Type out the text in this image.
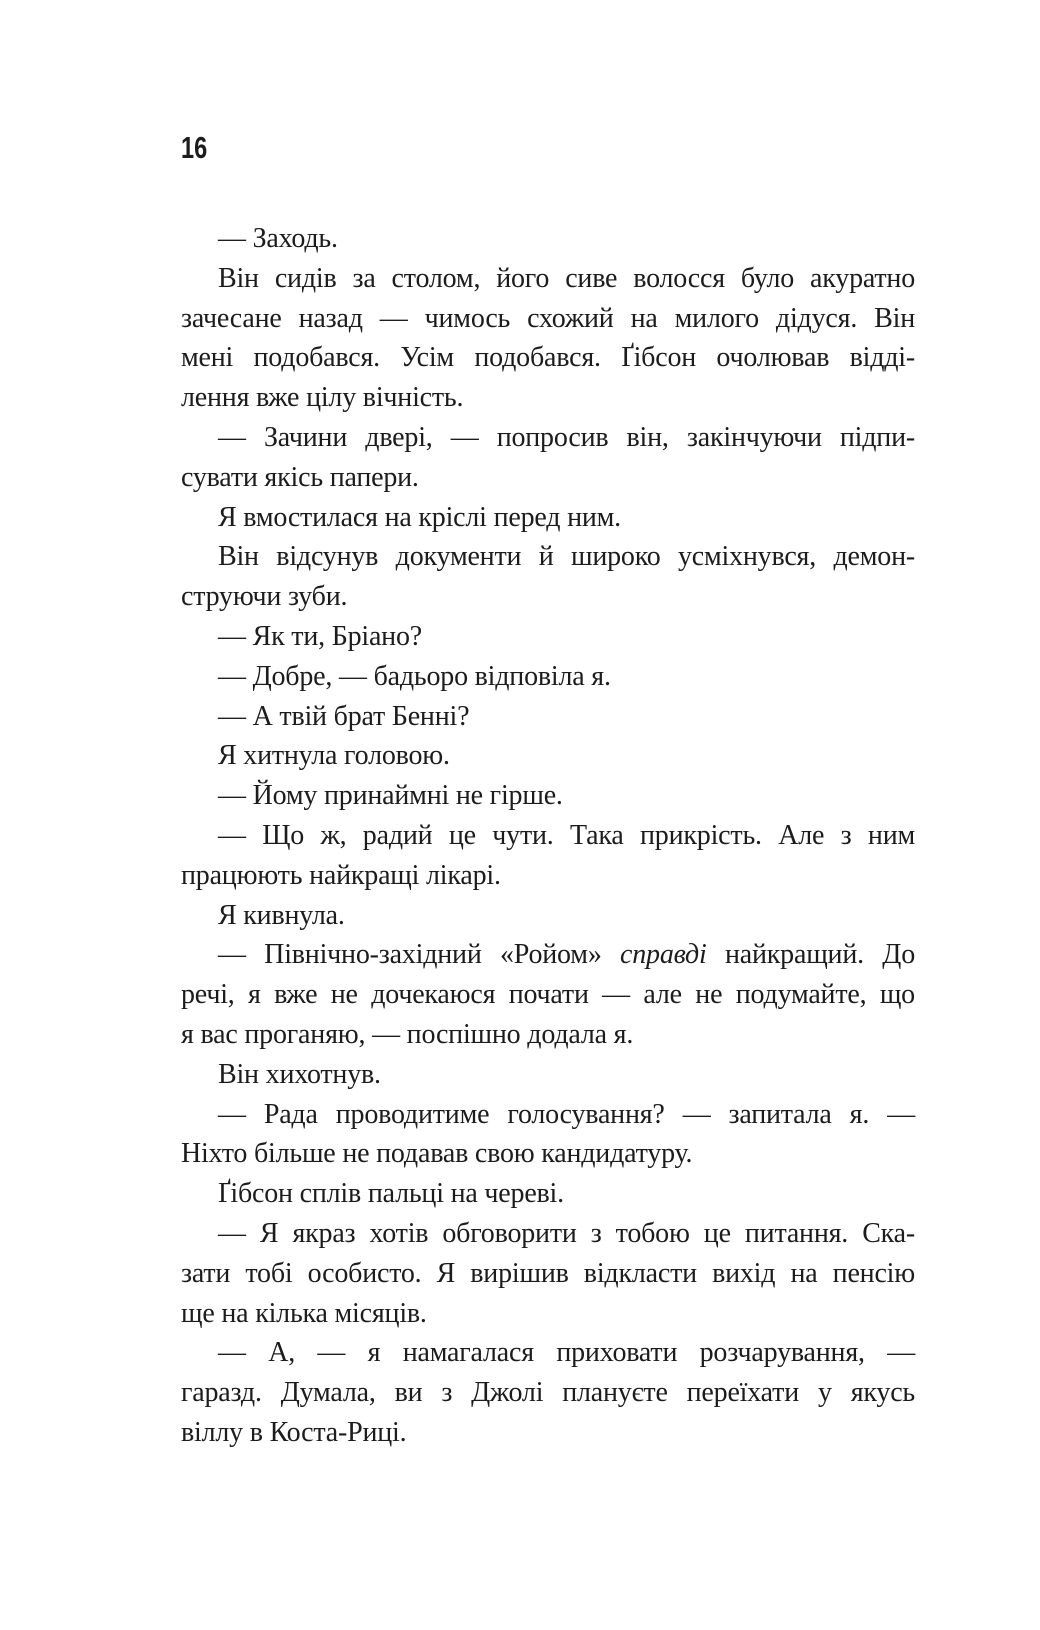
16
— Заходь.
Він сидів за столом, його сиве волосся було акуратно
зачесане назад — чимось схожий на милого дідуся. Він
мені подобався. Усім подобався. Ґібсон очолював відді-
лення вже цілу вічність.
— Зачини двері, — попросив він, закінчуючи підпи-
сувати якісь папери.
Я вмостилася на кріслі перед ним.
Він відсунув документи й широко усміхнувся, демон-
струючи зуби.
— Як ти, Бріано?
— Добре, — бадьоро відповіла я.
— А твій брат Бенні?
Я хитнула головою.
— Йому принаймні не гірше.
— Що ж, радий це чути. Така прикрість. Але з ним
працюють найкращі лікарі.
Я кивнула.
— Північно-західний «Ройом» справді найкращий. До
речі, я вже не дочекаюся почати — але не подумайте, що
я вас проганяю, — поспішно додала я.
Він хихотнув.
— Рада проводитиме голосування? — запитала я. —
Ніхто більше не подавав свою кандидатуру.
Ґібсон сплів пальці на череві.
— Я якраз хотів обговорити з тобою це питання. Ска-
зати тобі особисто. Я вирішив відкласти вихід на пенсію
ще на кілька місяців.
— А, — я намагалася приховати розчарування, —
гаразд. Думала, ви з Джолі плануєте переїхати у якусь
віллу в Коста-Риці.
